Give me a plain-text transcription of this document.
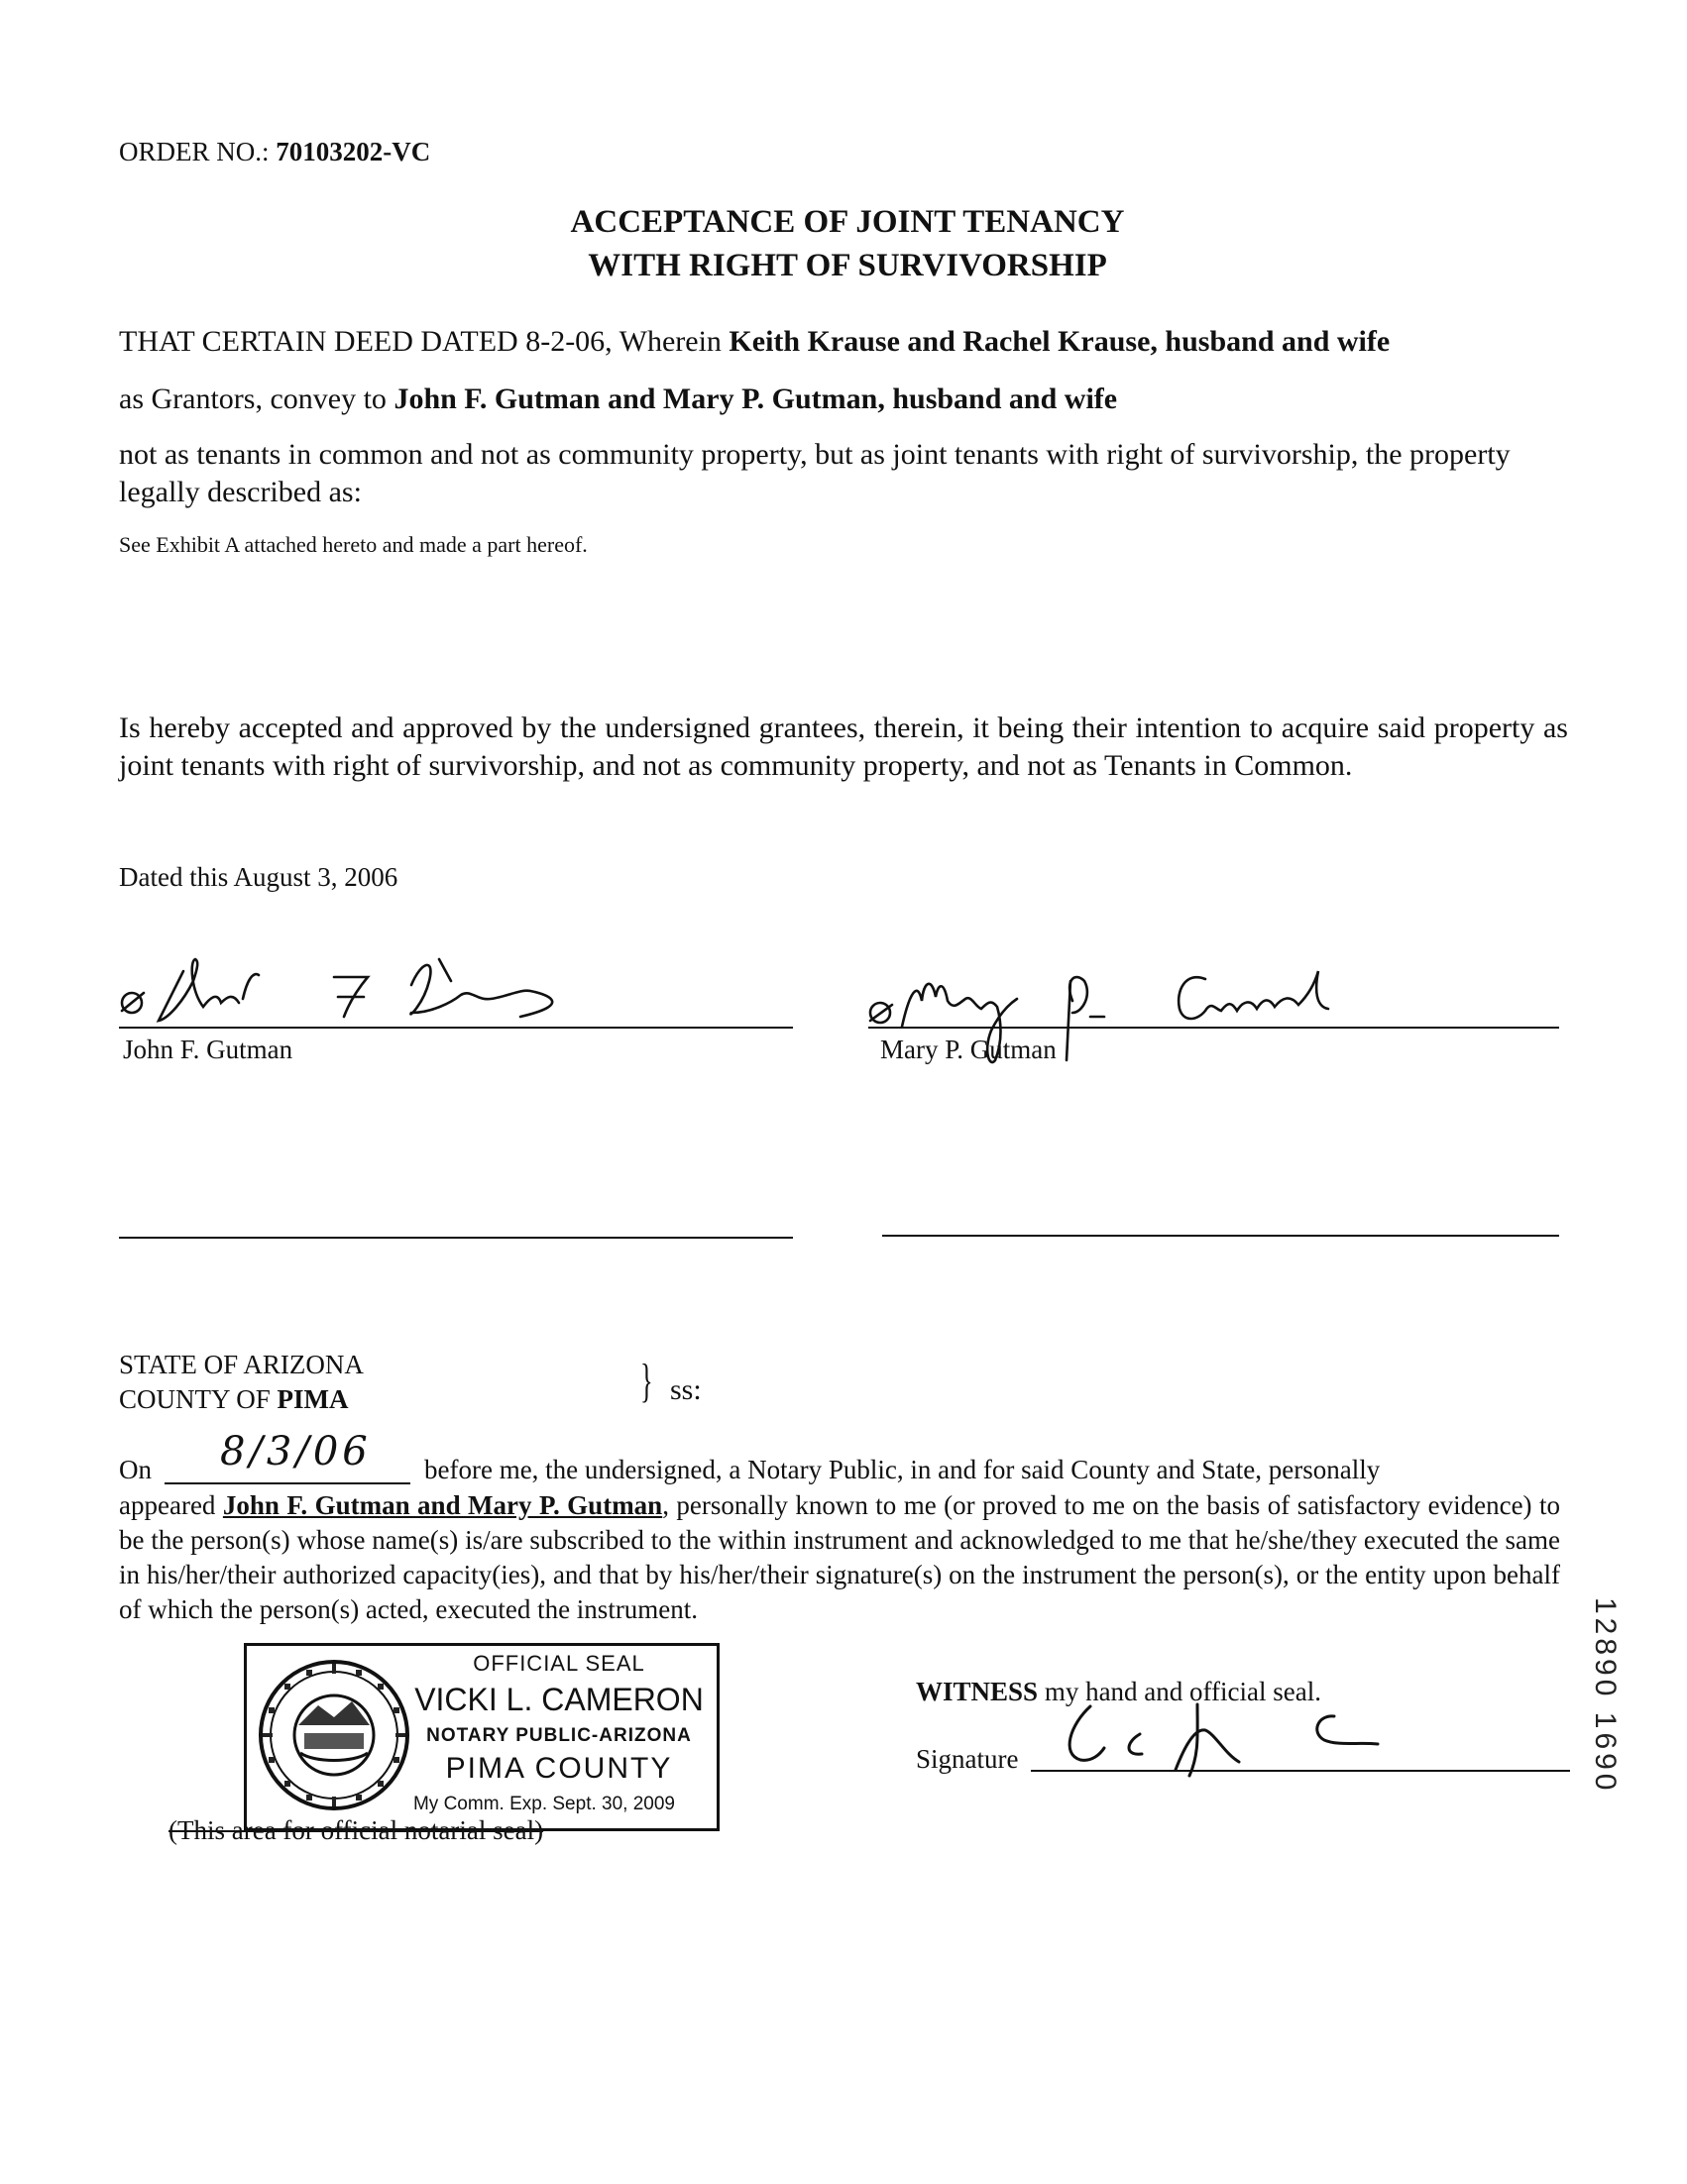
ORDER NO.: 70103202-VC
ACCEPTANCE OF JOINT TENANCY
WITH RIGHT OF SURVIVORSHIP
THAT CERTAIN DEED DATED 8-2-06, Wherein Keith Krause and Rachel Krause, husband and wife
as Grantors, convey to John F. Gutman and Mary P. Gutman, husband and wife
not as tenants in common and not as community property, but as joint tenants with right of survivorship, the property legally described as:
See Exhibit A attached hereto and made a part hereof.
Is hereby accepted and approved by the undersigned grantees, therein, it being their intention to acquire said property as joint tenants with right of survivorship, and not as community property, and not as Tenants in Common.
Dated this August 3, 2006
John F. Gutman	Mary P. Gutman
STATE OF ARIZONA
COUNTY OF PIMA	} ss:
On 8/3/06 before me, the undersigned, a Notary Public, in and for said County and State, personally
appeared John F. Gutman and Mary P. Gutman, personally known to me (or proved to me on the basis of satisfactory evidence) to be the person(s) whose name(s) is/are subscribed to the within instrument and acknowledged to me that he/she/they executed the same in his/her/their authorized capacity(ies), and that by his/her/their signature(s) on the instrument the person(s), or the entity upon behalf of which the person(s) acted, executed the instrument.
OFFICIAL SEAL
VICKI L. CAMERON
NOTARY PUBLIC-ARIZONA
PIMA COUNTY
My Comm. Exp. Sept. 30, 2009
(This area for official notarial seal)
WITNESS my hand and official seal.
Signature	12890 1690
